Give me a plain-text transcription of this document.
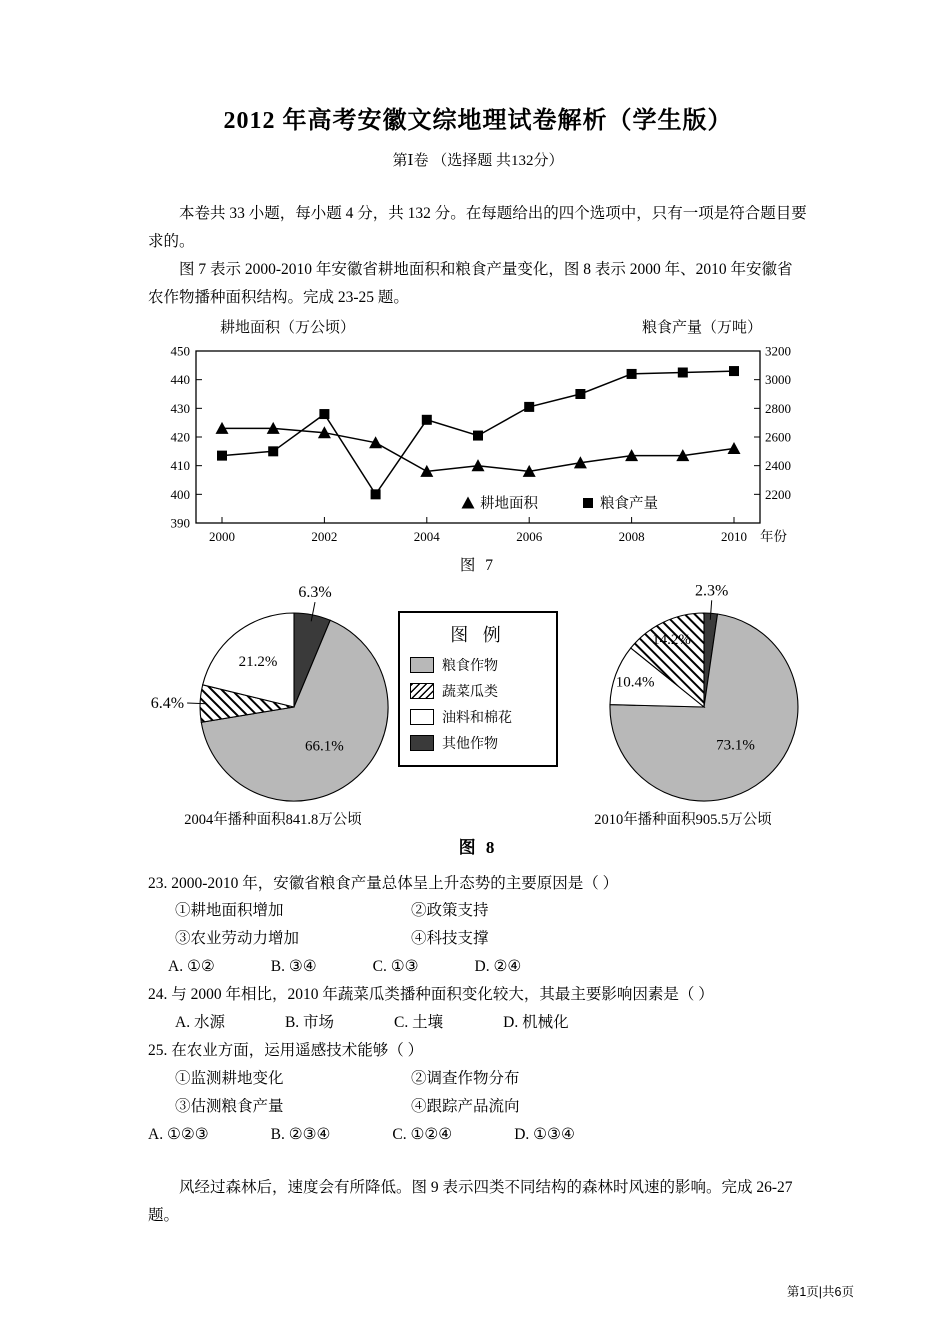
2012 年高考安徽文综地理试卷解析（学生版）
第Ⅰ卷 （选择题 共132分）

本卷共 33 小题，每小题 4 分，共 132 分。在每题给出的四个选项中，只有一项是符合题目要求的。

图 7 表示 2000-2010 年安徽省耕地面积和粮食产量变化，图 8 表示 2000 年、2010 年安徽省农作物播种面积结构。完成 23-25 题。

耕地面积（万公顷）	粮食产量（万吨）
390
400
410
420
430
440
450
2200
2400
2600
2800
3000
3200
2000	2002	2004	2006	2008	2010 年份
耕地面积	粮食产量
图 7
6.3%
66.1%
6.4%
21.2%
2004年播种面积841.8万公顷
图 例
粮食作物
蔬菜瓜类
油料和棉花
其他作物
2.3%
73.1%
10.4%
14.2%
2010年播种面积905.5万公顷
图 8
23. 2000-2010 年，安徽省粮食产量总体呈上升态势的主要原因是（ ）
①耕地面积增加	②政策支持
③农业劳动力增加	④科技支撑
A. ①②	B. ③④	C. ①③	D. ②④
24. 与 2000 年相比，2010 年蔬菜瓜类播种面积变化较大，其最主要影响因素是（ ）
A. 水源	B. 市场	C. 土壤	D. 机械化
25. 在农业方面，运用遥感技术能够（ ）
①监测耕地变化	②调查作物分布
③估测粮食产量	④跟踪产品流向
A. ①②③	B. ②③④	C. ①②④	D. ①③④

风经过森林后，速度会有所降低。图 9 表示四类不同结构的森林时风速的影响。完成 26-27 题。

第1页|共6页
